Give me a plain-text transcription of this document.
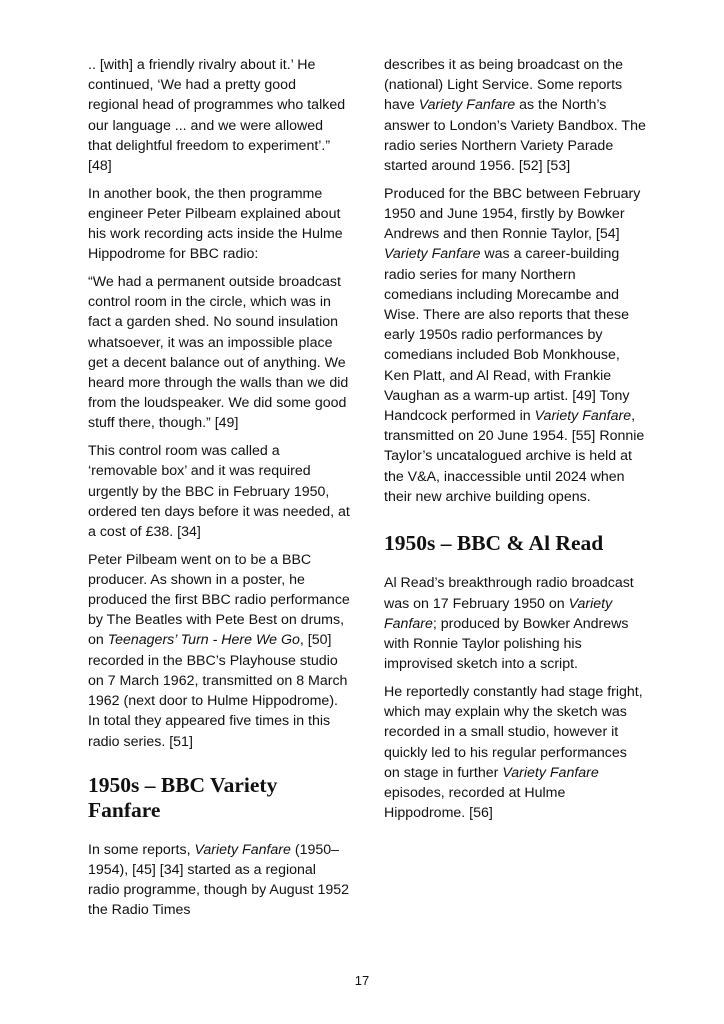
.. [with] a friendly rivalry about it.’ He continued, ‘We had a pretty good regional head of programmes who talked our language ... and we were allowed that delightful freedom to experiment’.” [48]

In another book, the then programme engineer Peter Pilbeam explained about his work recording acts inside the Hulme Hippodrome for BBC radio:

“We had a permanent outside broadcast control room in the circle, which was in fact a garden shed. No sound insulation whatsoever, it was an impossible place get a decent balance out of anything. We heard more through the walls than we did from the loudspeaker. We did some good stuff there, though.” [49]

This control room was called a ‘removable box’ and it was required urgently by the BBC in February 1950, ordered ten days before it was needed, at a cost of £38. [34]

Peter Pilbeam went on to be a BBC producer. As shown in a poster, he produced the first BBC radio performance by The Beatles with Pete Best on drums, on Teenagers’ Turn - Here We Go, [50] recorded in the BBC’s Playhouse studio on 7 March 1962, transmitted on 8 March 1962 (next door to Hulme Hippodrome). In total they appeared five times in this radio series. [51]

1950s – BBC Variety Fanfare

In some reports, Variety Fanfare (1950–1954), [45] [34] started as a regional radio programme, though by August 1952 the Radio Times

describes it as being broadcast on the (national) Light Service. Some reports have Variety Fanfare as the North’s answer to London’s Variety Bandbox. The radio series Northern Variety Parade started around 1956. [52] [53]

Produced for the BBC between February 1950 and June 1954, firstly by Bowker Andrews and then Ronnie Taylor, [54] Variety Fanfare was a career-building radio series for many Northern comedians including Morecambe and Wise. There are also reports that these early 1950s radio performances by comedians included Bob Monkhouse, Ken Platt, and Al Read, with Frankie Vaughan as a warm-up artist. [49] Tony Handcock performed in Variety Fanfare, transmitted on 20 June 1954. [55] Ronnie Taylor’s uncatalogued archive is held at the V&A, inaccessible until 2024 when their new archive building opens.

1950s – BBC & Al Read

Al Read’s breakthrough radio broadcast was on 17 February 1950 on Variety Fanfare; produced by Bowker Andrews with Ronnie Taylor polishing his improvised sketch into a script.

He reportedly constantly had stage fright, which may explain why the sketch was recorded in a small studio, however it quickly led to his regular performances on stage in further Variety Fanfare episodes, recorded at Hulme Hippodrome. [56]

17
